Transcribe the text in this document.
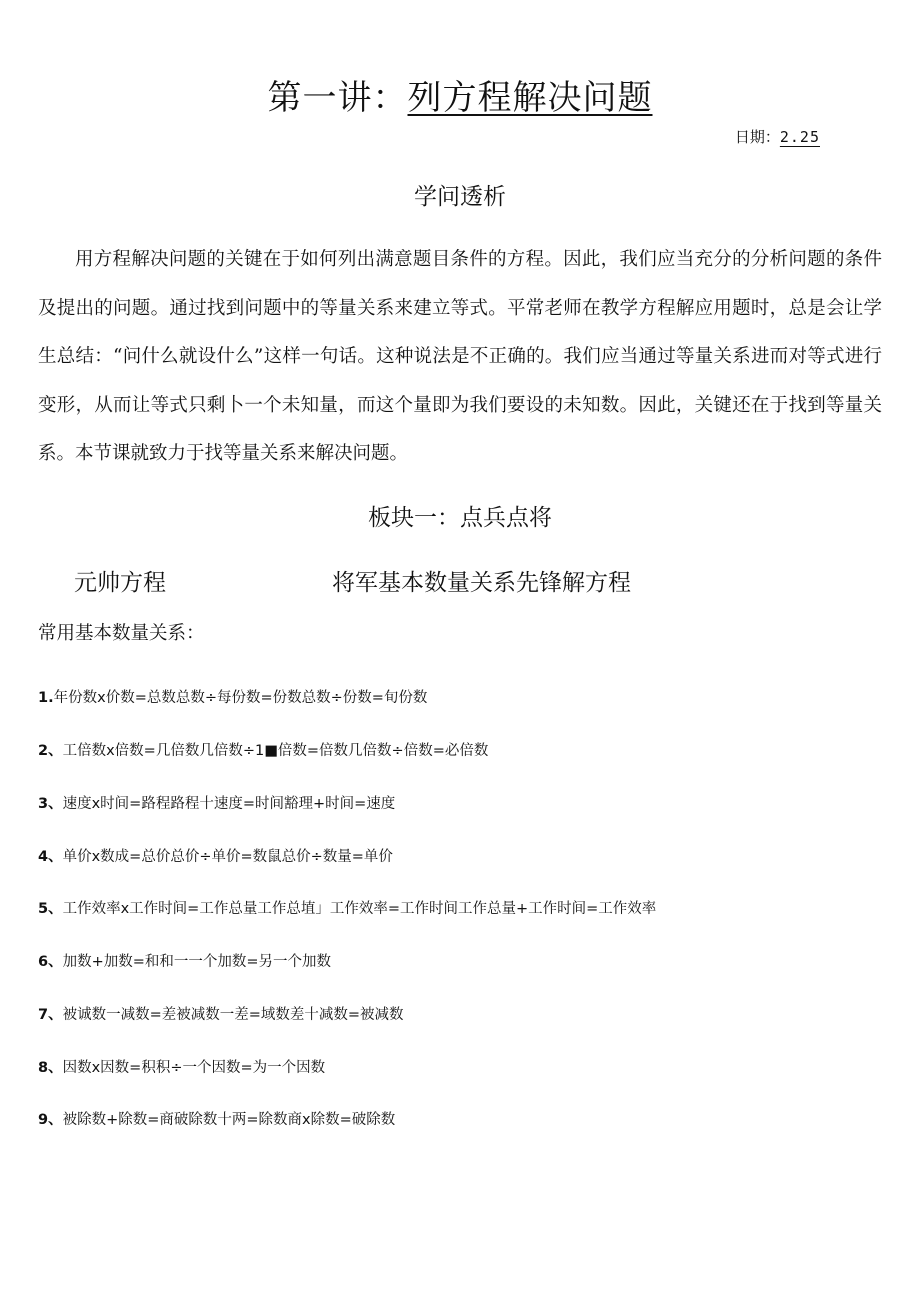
第一讲：列方程解决问题
日期：2.25
学问透析
用方程解决问题的关键在于如何列出满意题目条件的方程。因此，我们应当充分的分析问题的条件及提出的问题。通过找到问题中的等量关系来建立等式。平常老师在教学方程解应用题时，总是会让学生总结：“问什么就设什么”这样一句话。这种说法是不正确的。我们应当通过等量关系进而对等式进行变形，从而让等式只剩卜一个未知量，而这个量即为我们要设的未知数。因此，关键还在于找到等量关系。本节课就致力于找等量关系来解决问题。
板块一：点兵点将
元帅方程	将军基本数量关系先锋解方程
常用基本数量关系：
1.年份数x价数=总数总数÷每份数=份数总数÷份数=旬份数
2、工倍数x倍数=几倍数几倍数÷1■倍数=倍数几倍数÷倍数=必倍数
3、速度x时间=路程路程十速度=时间豁理+时间=速度
4、单价x数成=总价总价÷单价=数鼠总价÷数量=单价
5、工作效率x工作时间=工作总量工作总埴」工作效率=工作时间工作总量+工作时间=工作效率
6、加数+加数=和和一一个加数=另一个加数
7、被诚数一减数=差被减数一差=域数差十减数=被减数
8、因数x因数=积积÷一个因数=为一个因数
9、被除数+除数=商破除数十两=除数商x除数=破除数
